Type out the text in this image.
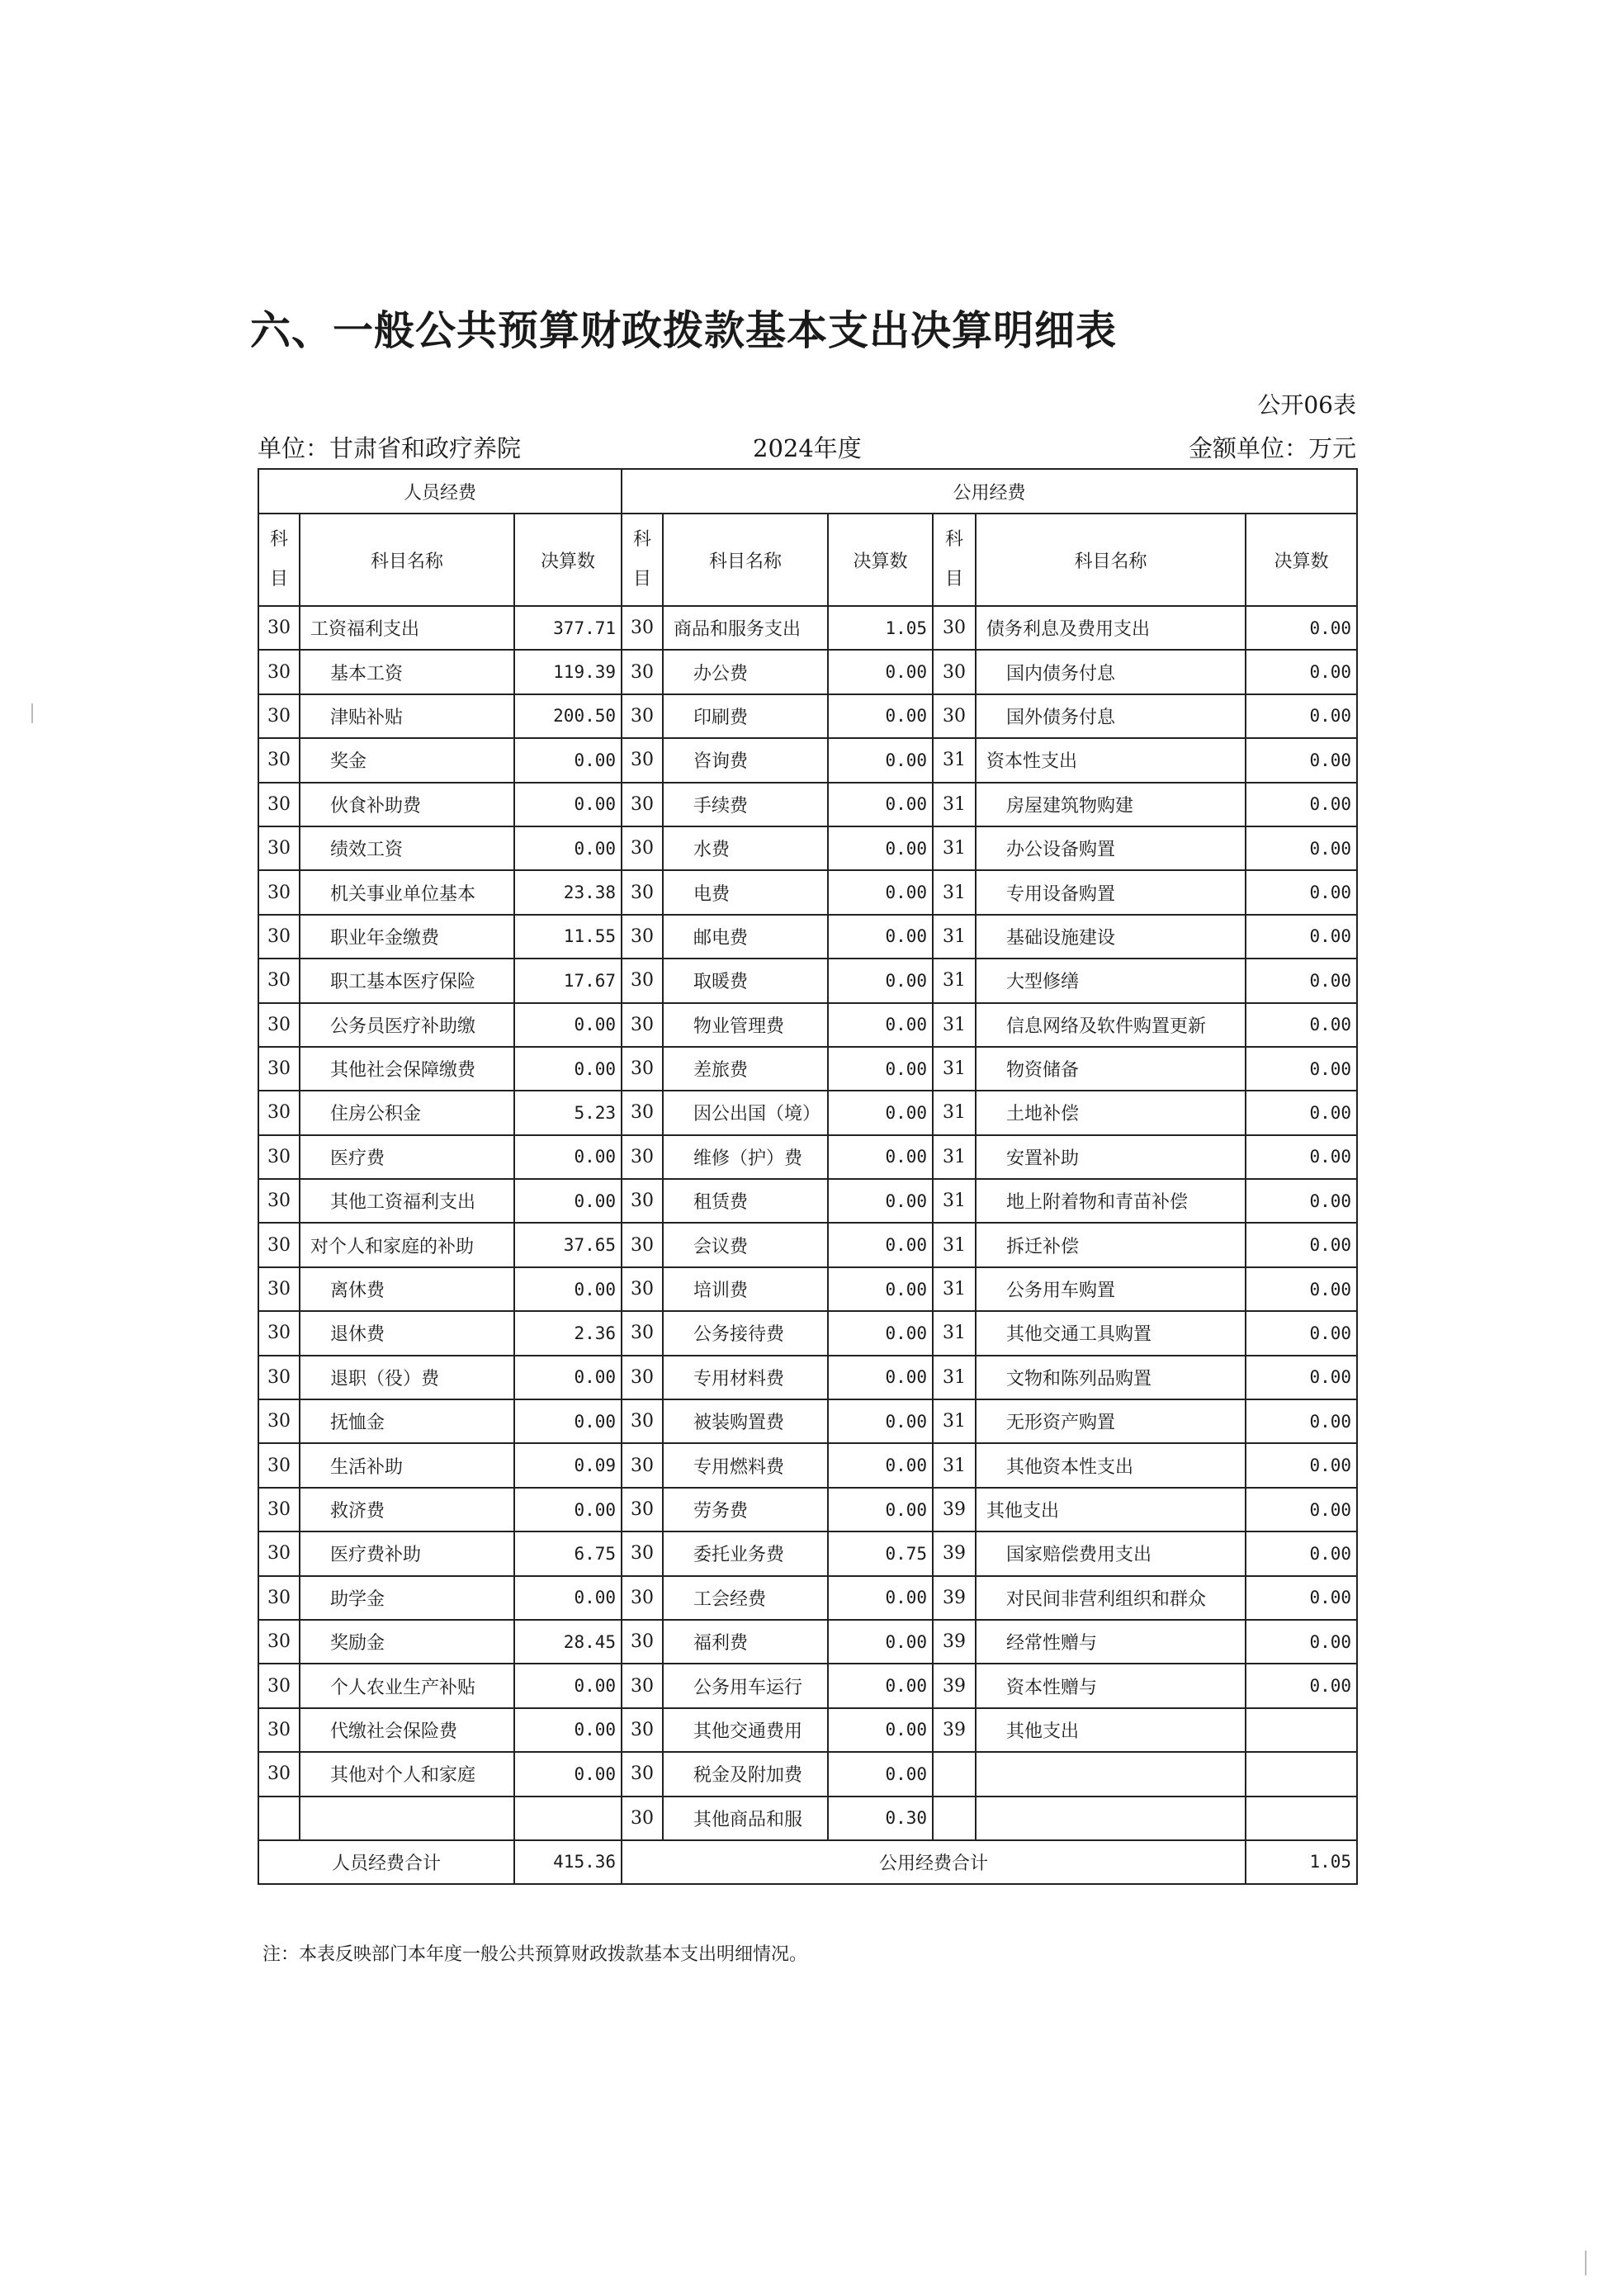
六、一般公共预算财政拨款基本支出决算明细表
公开06表
单位：甘肃省和政疗养院	2024年度	金额单位：万元
人员经费			公用经费					
科
目	科目名称	决算数	科
目	科目名称	决算数	科
目	科目名称	决算数
30	工资福利支出	377.71	30	商品和服务支出	1.05	30	债务利息及费用支出	0.00
30	基本工资	119.39	30	办公费	0.00	30	国内债务付息	0.00
30	津贴补贴	200.50	30	印刷费	0.00	30	国外债务付息	0.00
30	奖金	0.00	30	咨询费	0.00	31	资本性支出	0.00
30	伙食补助费	0.00	30	手续费	0.00	31	房屋建筑物购建	0.00
30	绩效工资	0.00	30	水费	0.00	31	办公设备购置	0.00
30	机关事业单位基本	23.38	30	电费	0.00	31	专用设备购置	0.00
30	职业年金缴费	11.55	30	邮电费	0.00	31	基础设施建设	0.00
30	职工基本医疗保险	17.67	30	取暖费	0.00	31	大型修缮	0.00
30	公务员医疗补助缴	0.00	30	物业管理费	0.00	31	信息网络及软件购置更新	0.00
30	其他社会保障缴费	0.00	30	差旅费	0.00	31	物资储备	0.00
30	住房公积金	5.23	30	因公出国（境）	0.00	31	土地补偿	0.00
30	医疗费	0.00	30	维修（护）费	0.00	31	安置补助	0.00
30	其他工资福利支出	0.00	30	租赁费	0.00	31	地上附着物和青苗补偿	0.00
30	对个人和家庭的补助	37.65	30	会议费	0.00	31	拆迁补偿	0.00
30	离休费	0.00	30	培训费	0.00	31	公务用车购置	0.00
30	退休费	2.36	30	公务接待费	0.00	31	其他交通工具购置	0.00
30	退职（役）费	0.00	30	专用材料费	0.00	31	文物和陈列品购置	0.00
30	抚恤金	0.00	30	被装购置费	0.00	31	无形资产购置	0.00
30	生活补助	0.09	30	专用燃料费	0.00	31	其他资本性支出	0.00
30	救济费	0.00	30	劳务费	0.00	39	其他支出	0.00
30	医疗费补助	6.75	30	委托业务费	0.75	39	国家赔偿费用支出	0.00
30	助学金	0.00	30	工会经费	0.00	39	对民间非营利组织和群众	0.00
30	奖励金	28.45	30	福利费	0.00	39	经常性赠与	0.00
30	个人农业生产补贴	0.00	30	公务用车运行	0.00	39	资本性赠与	0.00
30	代缴社会保险费	0.00	30	其他交通费用	0.00	39	其他支出	
30	其他对个人和家庭	0.00	30	税金及附加费	0.00			
			30	其他商品和服	0.30			
人员经费合计		415.36	公用经费合计					1.05
注：本表反映部门本年度一般公共预算财政拨款基本支出明细情况。
